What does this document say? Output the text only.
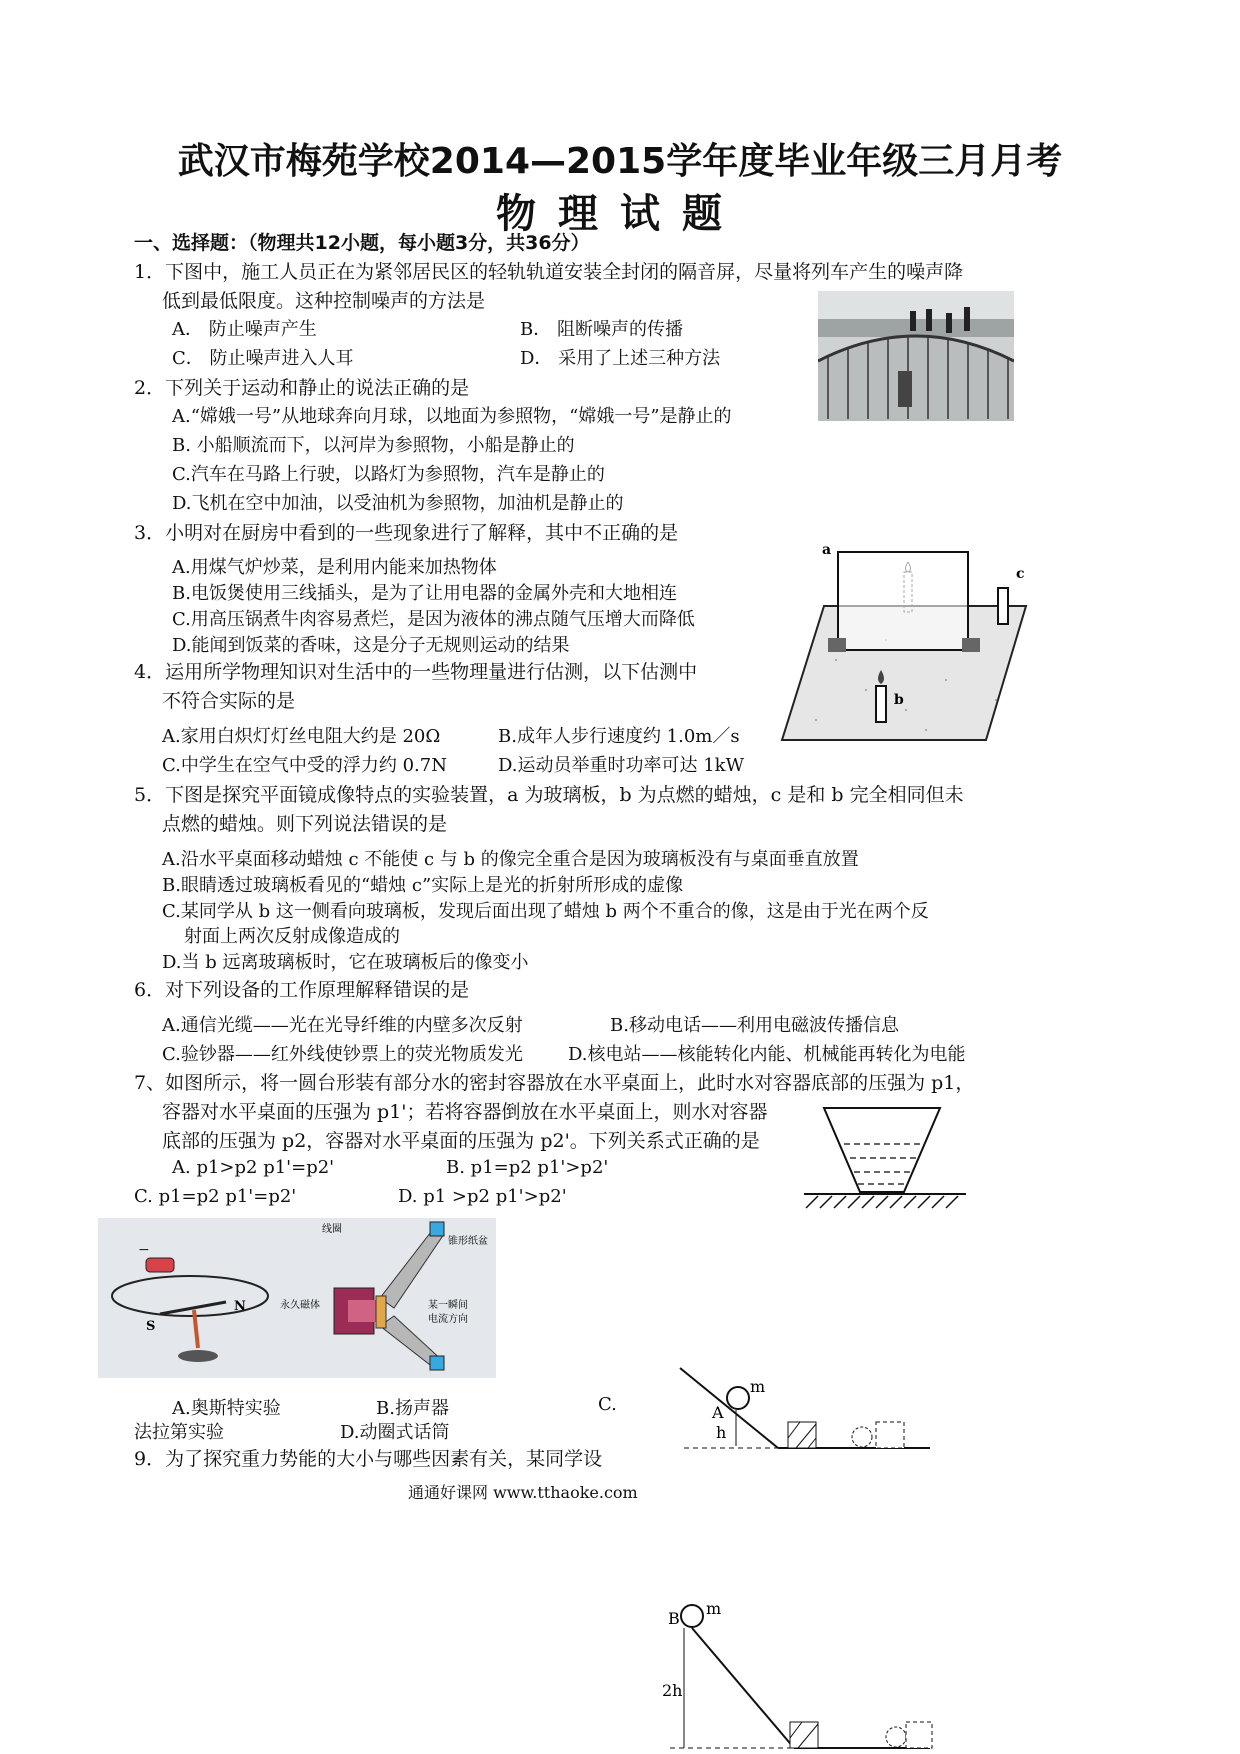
武汉市梅苑学校2014—2015学年度毕业年级三月月考
物理试题
一、选择题：（物理共12小题，每小题3分，共36分）
1．下图中，施工人员正在为紧邻居民区的轻轨轨道安装全封闭的隔音屏，尽量将列车产生的噪声降
低到最低限度。这种控制噪声的方法是
A． 防止噪声产生	B． 阻断噪声的传播
C． 防止噪声进入人耳	D． 采用了上述三种方法
2．下列关于运动和静止的说法正确的是
A.“嫦娥一号”从地球奔向月球，以地面为参照物，“嫦娥一号”是静止的
B. 小船顺流而下，以河岸为参照物，小船是静止的
C.汽车在马路上行驶，以路灯为参照物，汽车是静止的
D.飞机在空中加油，以受油机为参照物，加油机是静止的
3．小明对在厨房中看到的一些现象进行了解释，其中不正确的是
A.用煤气炉炒菜，是利用内能来加热物体
B.电饭煲使用三线插头，是为了让用电器的金属外壳和大地相连
C.用高压锅煮牛肉容易煮烂，是因为液体的沸点随气压增大而降低
D.能闻到饭菜的香味，这是分子无规则运动的结果
a
b
c
4．运用所学物理知识对生活中的一些物理量进行估测，以下估测中
不符合实际的是
A.家用白炽灯灯丝电阻大约是 20Ω	B.成年人步行速度约 1.0m／s
C.中学生在空气中受的浮力约 0.7N	D.运动员举重时功率可达 1kW
5．下图是探究平面镜成像特点的实验装置，a 为玻璃板，b 为点燃的蜡烛，c 是和 b 完全相同但未
点燃的蜡烛。则下列说法错误的是
A.沿水平桌面移动蜡烛 c 不能使 c 与 b 的像完全重合是因为玻璃板没有与桌面垂直放置
B.眼睛透过玻璃板看见的“蜡烛 c”实际上是光的折射所形成的虚像
C.某同学从 b 这一侧看向玻璃板，发现后面出现了蜡烛 b 两个不重合的像，这是由于光在两个反
射面上两次反射成像造成的
D.当 b 远离玻璃板时，它在玻璃板后的像变小
6．对下列设备的工作原理解释错误的是
A.通信光缆——光在光导纤维的内壁多次反射	B.移动电话——利用电磁波传播信息
C.验钞器——红外线使钞票上的荧光物质发光	D.核电站——核能转化内能、机械能再转化为电能
7、如图所示，将一圆台形装有部分水的密封容器放在水平桌面上，此时水对容器底部的压强为 p1，
容器对水平桌面的压强为 p1'；若将容器倒放在水平桌面上，则水对容器
底部的压强为 p2，容器对水平桌面的压强为 p2'。下列关系式正确的是
A. p1>p2 p1'=p2'	B. p1=p2 p1'>p2'
C. p1=p2 p1'=p2'	D. p1 >p2 p1'>p2'
−
S
N
线圈
锥形纸盆
永久磁体	某一瞬间
电流方向
A.奥斯特实验	B.扬声器	C.
法拉第实验	D.动圈式话筒
9．为了探究重力势能的大小与哪些因素有关，某同学设
A
m
h
B
m
2h
通通好课网 www.tthaoke.com
